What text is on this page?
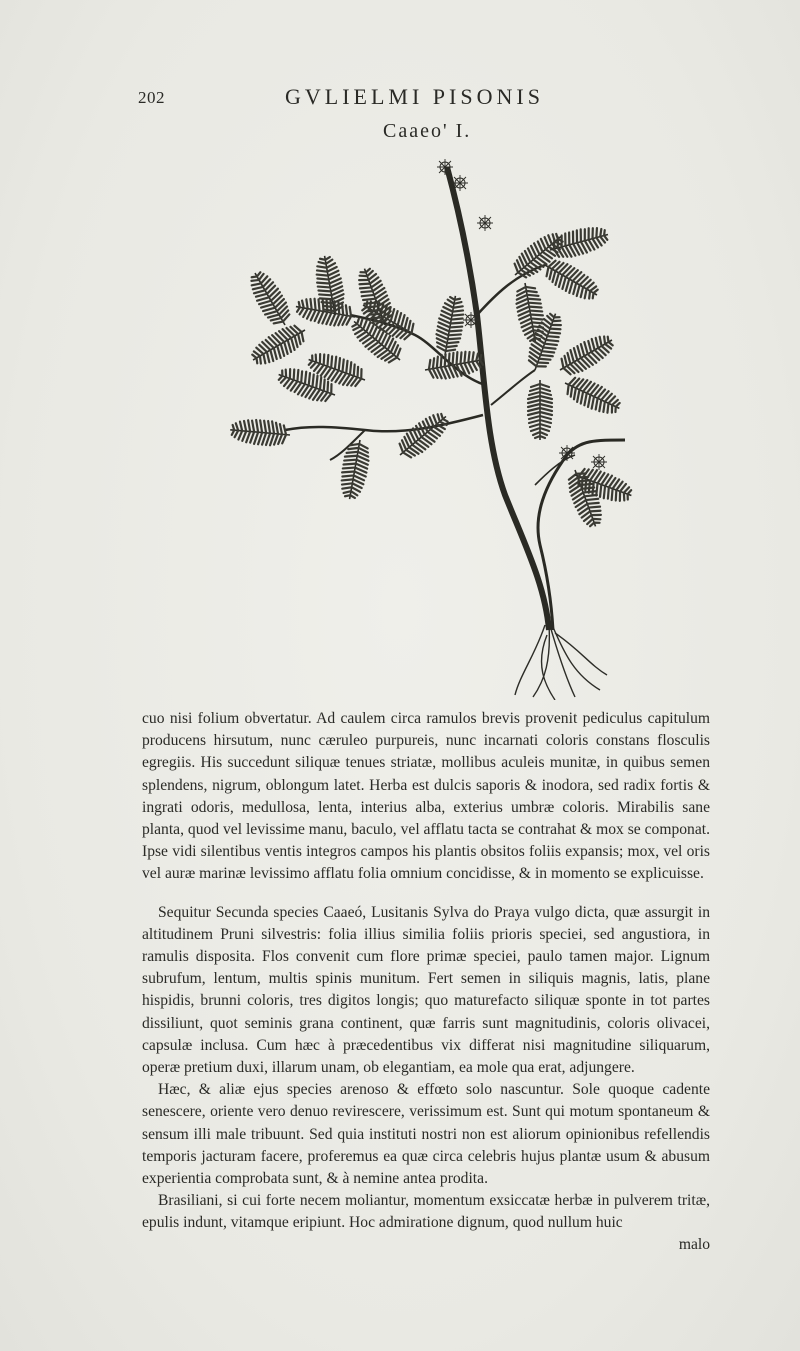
202	GVLIELMI PISONIS
Caaeo' I.

cuo nisi folium obvertatur. Ad caulem circa ramulos brevis provenit pediculus capitulum producens hirsutum, nunc cæruleo purpureis, nunc incarnati coloris constans flosculis egregiis. His succedunt siliquæ tenues striatæ, mollibus aculeis munitæ, in quibus semen splendens, nigrum, oblongum latet. Herba est dulcis saporis & inodora, sed radix fortis & ingrati odoris, medullosa, lenta, interius alba, exterius umbræ coloris. Mirabilis sane planta, quod vel levissime manu, baculo, vel afflatu tacta se contrahat & mox se componat. Ipse vidi silentibus ventis integros campos his plantis obsitos foliis expansis; mox, vel oris vel auræ marinæ levissimo afflatu folia omnium concidisse, & in momento se explicuisse.

Sequitur Secunda species Caaeó, Lusitanis Sylva do Praya vulgo dicta, quæ assurgit in altitudinem Pruni silvestris: folia illius similia foliis prioris speciei, sed angustiora, in ramulis disposita. Flos convenit cum flore primæ speciei, paulo tamen major. Lignum subrufum, lentum, multis spinis munitum. Fert semen in siliquis magnis, latis, plane hispidis, brunni coloris, tres digitos longis; quo maturefacto siliquæ sponte in tot partes dissiliunt, quot seminis grana continent, quæ farris sunt magnitudinis, coloris olivacei, capsulæ inclusa. Cum hæc à præcedentibus vix differat nisi magnitudine siliquarum, operæ pretium duxi, illarum unam, ob elegantiam, ea mole qua erat, adjungere.

Hæc, & aliæ ejus species arenoso & effœto solo nascuntur. Sole quoque cadente senescere, oriente vero denuo revirescere, verissimum est. Sunt qui motum spontaneum & sensum illi male tribuunt. Sed quia instituti nostri non est aliorum opinionibus refellendis temporis jacturam facere, proferemus ea quæ circa celebris hujus plantæ usum & abusum experientia comprobata sunt, & à nemine antea prodita.

Brasiliani, si cui forte necem moliantur, momentum exsiccatæ herbæ in pulverem tritæ, epulis indunt, vitamque eripiunt. Hoc admiratione dignum, quod nullum huic

malo
